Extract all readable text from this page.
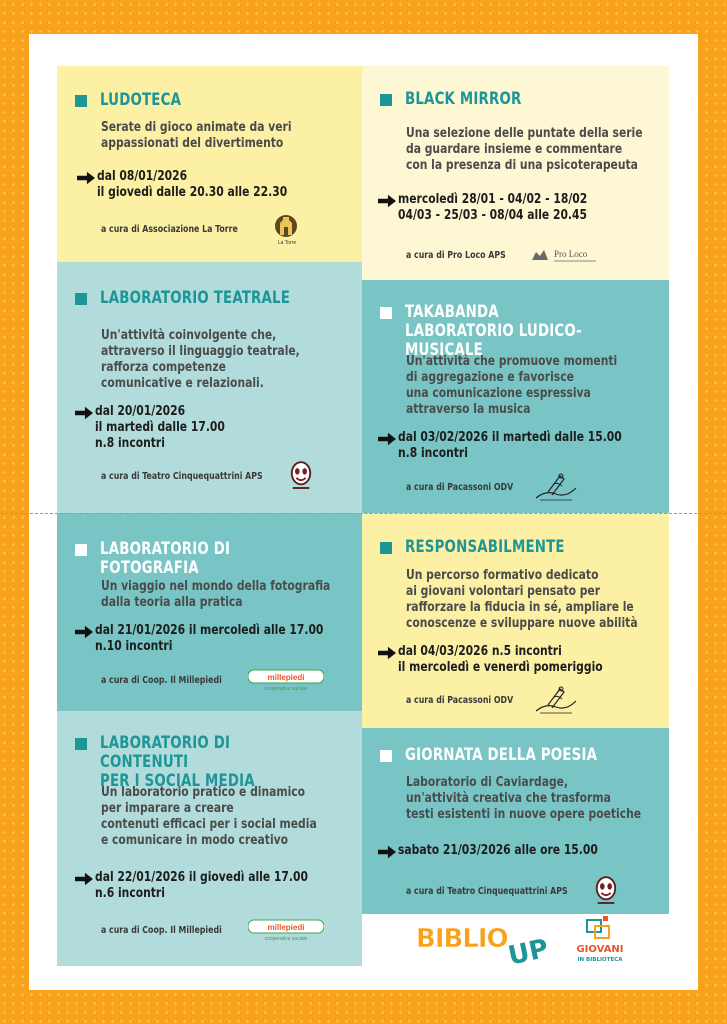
LUDOTECA
Serate di gioco animate da veri
appassionati del divertimento
dal 08/01/2026
il giovedì dalle 20.30 alle 22.30
a cura di Associazione La Torre
La Torre
BLACK MIRROR
Una selezione delle puntate della serie
da guardare insieme e commentare
con la presenza di una psicoterapeuta
mercoledì 28/01 - 04/02 - 18/02
04/03 - 25/03 - 08/04 alle 20.45
a cura di Pro Loco APS	Pro Loco
LABORATORIO TEATRALE
Un'attività coinvolgente che,
attraverso il linguaggio teatrale,
rafforza competenze
comunicative e relazionali.
dal 20/01/2026
il martedì dalle 17.00
n.8 incontri
a cura di Teatro Cinquequattrini APS
TAKABANDA
LABORATORIO LUDICO-MUSICALE
Un'attività che promuove momenti
di aggregazione e favorisce
una comunicazione espressiva
attraverso la musica
dal 03/02/2026 il martedì dalle 15.00
n.8 incontri
a cura di Pacassoni ODV
LABORATORIO DI FOTOGRAFIA
Un viaggio nel mondo della fotografia
dalla teoria alla pratica
dal 21/01/2026 il mercoledì alle 17.00
n.10 incontri
a cura di Coop. Il Millepiedi	millepiedi
cooperativa sociale
RESPONSABILMENTE
Un percorso formativo dedicato
ai giovani volontari pensato per
rafforzare la fiducia in sé, ampliare le
conoscenze e sviluppare nuove abilità
dal 04/03/2026 n.5 incontri
il mercoledì e venerdì pomeriggio
a cura di Pacassoni ODV
LABORATORIO DI CONTENUTI
PER I SOCIAL MEDIA
Un laboratorio pratico e dinamico
per imparare a creare
contenuti efficaci per i social media
e comunicare in modo creativo
dal 22/01/2026 il giovedì alle 17.00
n.6 incontri
a cura di Coop. Il Millepiedi	millepiedi
cooperativa sociale
GIORNATA DELLA POESIA
Laboratorio di Caviardage,
un'attività creativa che trasforma
testi esistenti in nuove opere poetiche
sabato 21/03/2026 alle ore 15.00
a cura di Teatro Cinquequattrini APS
BIBLIO
UP	GIOVANI
IN BIBLIOTECA
